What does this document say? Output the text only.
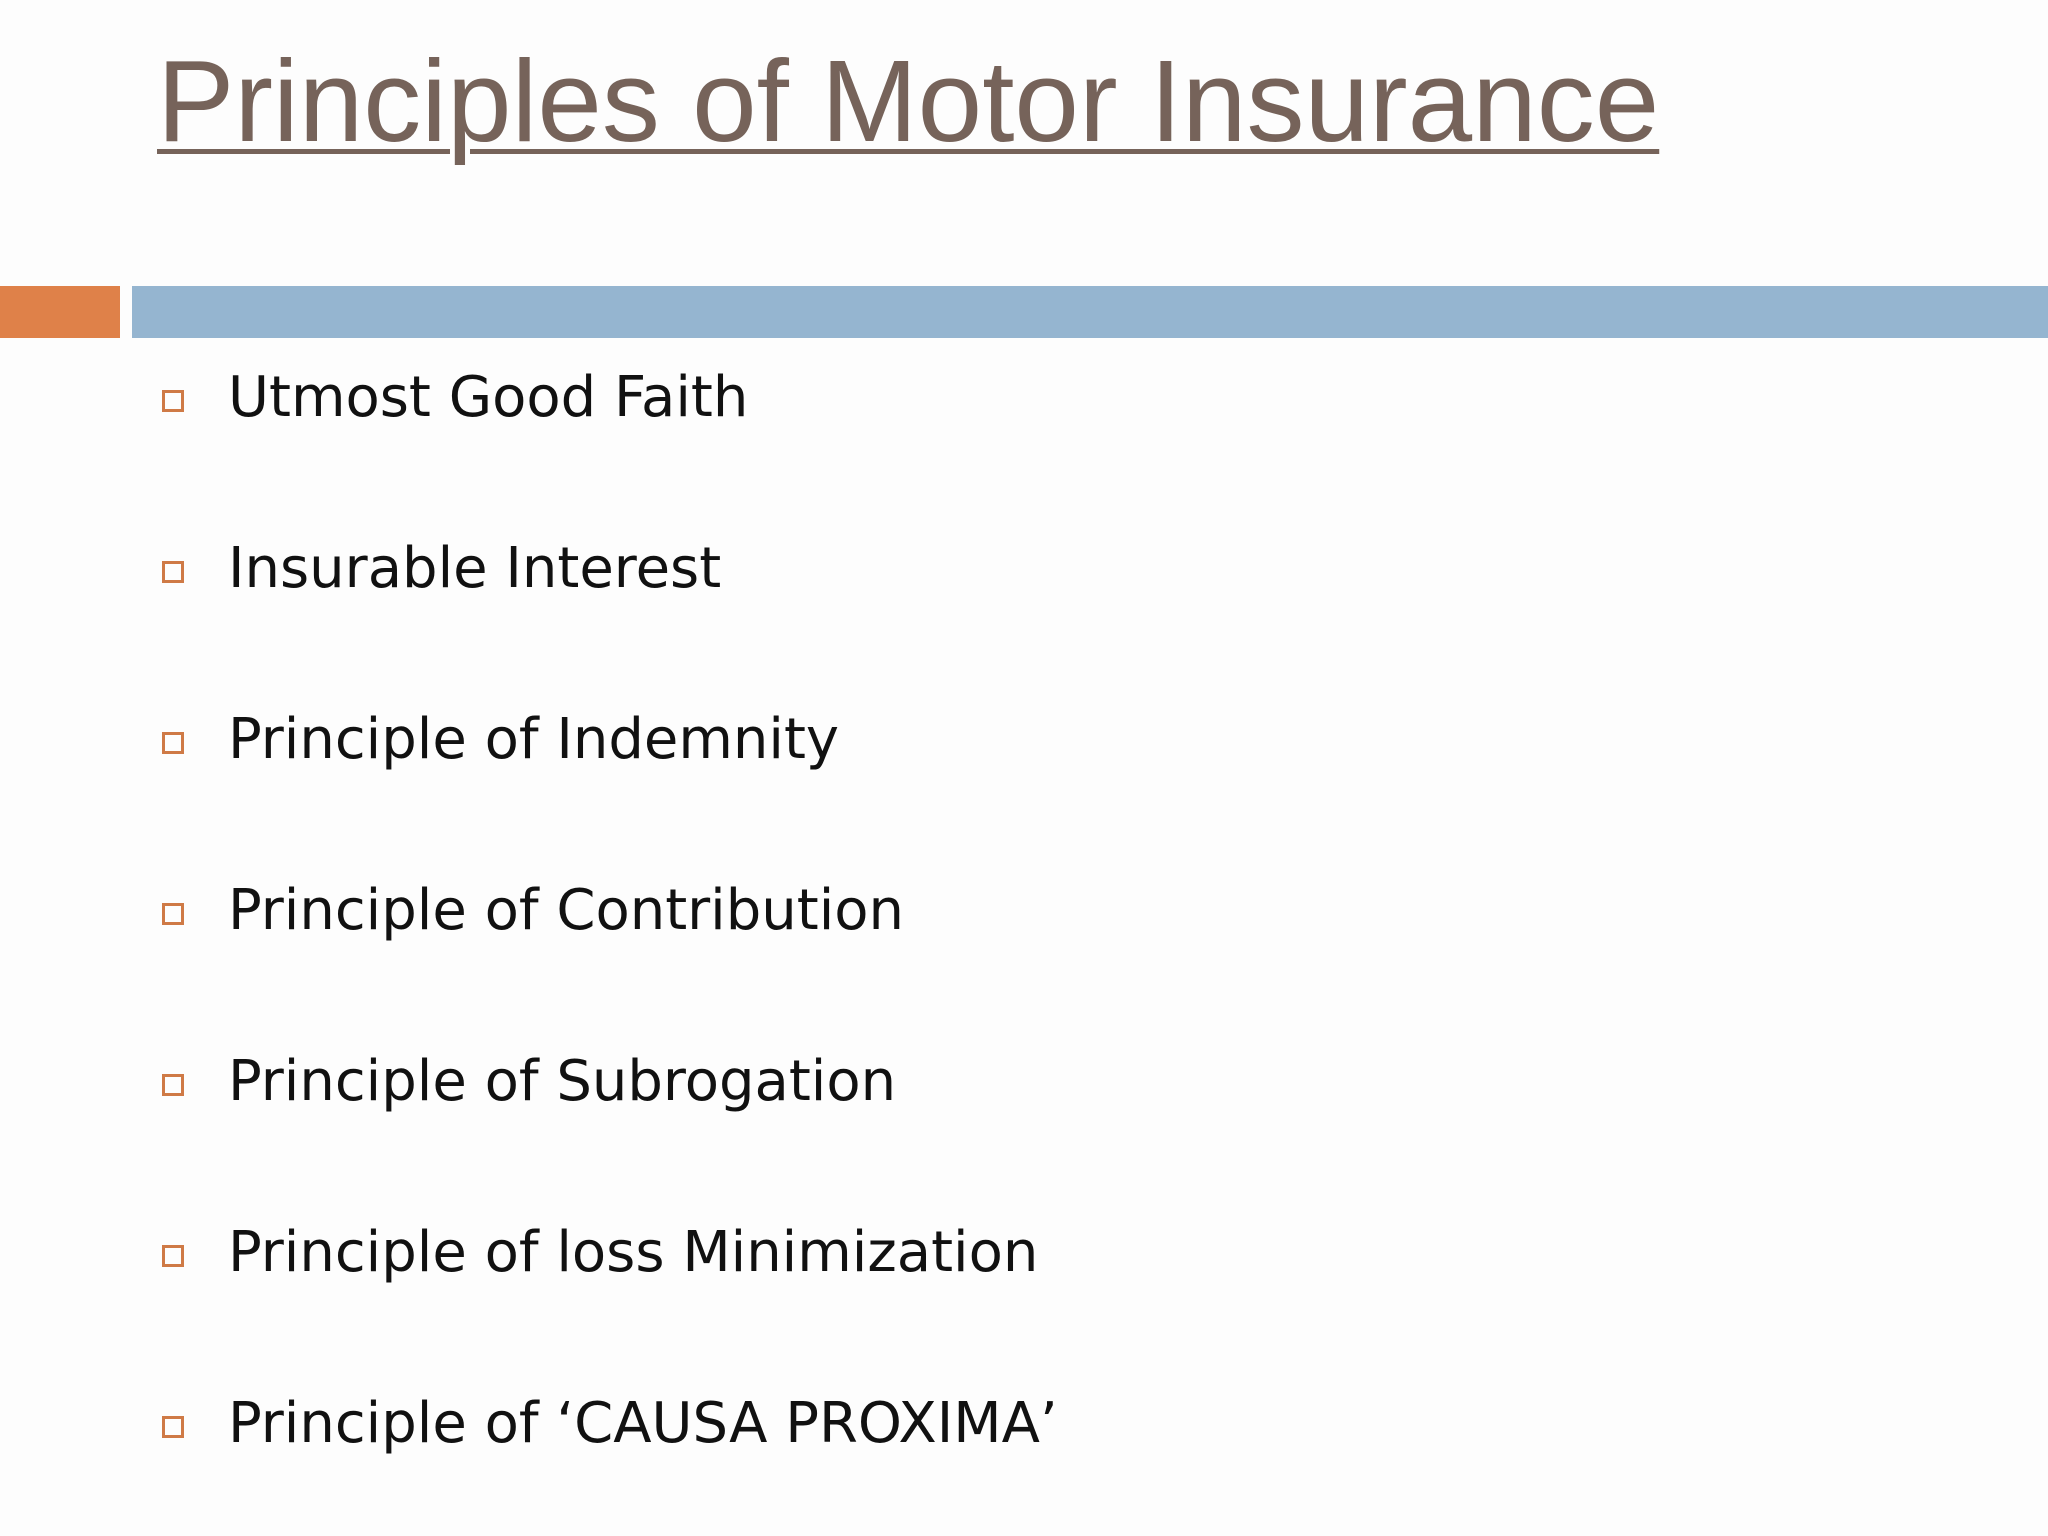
Principles of Motor Insurance
Utmost Good Faith
Insurable Interest
Principle of Indemnity
Principle of Contribution
Principle of Subrogation
Principle of loss Minimization
Principle of ‘CAUSA PROXIMA’
